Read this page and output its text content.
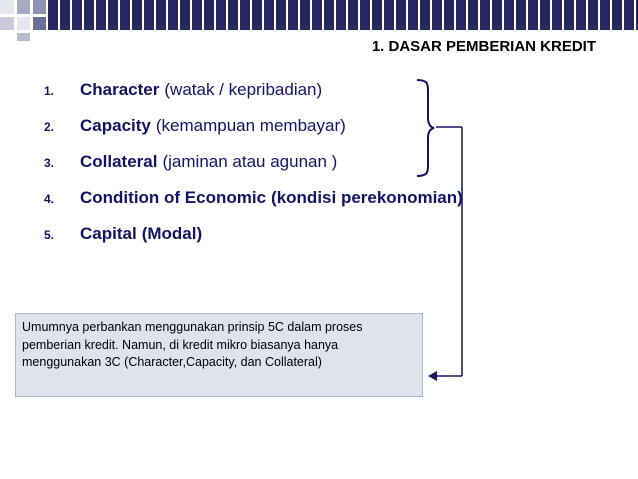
1. DASAR PEMBERIAN KREDIT
1.	Character (watak / kepribadian)
2.	Capacity (kemampuan membayar)
3.	Collateral (jaminan atau agunan )
4.	Condition of Economic (kondisi perekonomian)
5.	Capital (Modal)
Umumnya perbankan menggunakan prinsip 5C dalam proses pemberian kredit. Namun, di kredit mikro biasanya hanya menggunakan 3C (Character,Capacity, dan Collateral)
